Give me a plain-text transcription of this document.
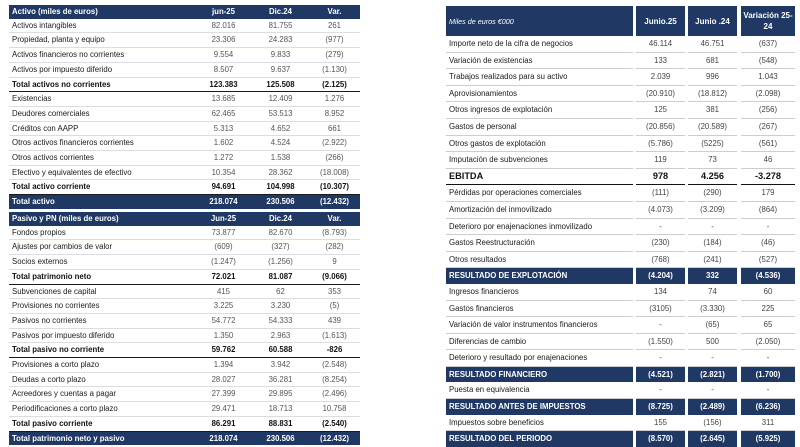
Activo (miles de euros)	jun-25	Dic.24	Var.
Activos intangibles	82.016	81.755	261
Propiedad, planta y equipo	23.306	24.283	(977)
Activos financieros no corrientes	9.554	9.833	(279)
Activos por impuesto diferido	8.507	9.637	(1.130)
Total activos no corrientes	123.383	125.508	(2.125)
Existencias	13.685	12.409	1.276
Deudores comerciales	62.465	53.513	8.952
Créditos con AAPP	5.313	4.652	661
Otros activos financieros corrientes	1.602	4.524	(2.922)
Otros activos corrientes	1.272	1.538	(266)
Efectivo y equivalentes de efectivo	10.354	28.362	(18.008)
Total activo corriente	94.691	104.998	(10.307)
Total activo	218.074	230.506	(12.432)
Pasivo y PN (miles de euros)	Jun-25	Dic.24	Var.
Fondos propios	73.877	82.670	(8.793)
Ajustes por cambios de valor	(609)	(327)	(282)
Socios externos	(1.247)	(1.256)	9
Total patrimonio neto	72.021	81.087	(9.066)
Subvenciones de capital	415	62	353
Provisiones no corrientes	3.225	3.230	(5)
Pasivos no corrientes	54.772	54.333	439
Pasivos por impuesto diferido	1.350	2.963	(1.613)
Total pasivo no corriente	59.762	60.588	-826
Provisiones a corto plazo	1.394	3.942	(2.548)
Deudas a corto plazo	28.027	36.281	(8.254)
Acreedores y cuentas a pagar	27.399	29.895	(2.496)
Periodificaciones a corto plazo	29.471	18.713	10.758
Total pasivo corriente	86.291	88.831	(2.540)
Total patrimonio neto y pasivo	218.074	230.506	(12.432)
Miles de euros €000		Junio.25		Junio .24		Variación 25-24
Importe neto de la cifra de negocios		46.114		46.751		(637)
Variación de existencias		133		681		(548)
Trabajos realizados para su activo		2.039		996		1.043
Aprovisionamientos		(20.910)		(18.812)		(2.098)
Otros ingresos de explotación		125		381		(256)
Gastos de personal		(20.856)		(20.589)		(267)
Otros gastos de explotación		(5.786)		(5225)		(561)
Imputación de subvenciones		119		73		46
EBITDA		978		4.256		-3.278
Pérdidas por operaciones comerciales		(111)		(290)		179
Amortización del inmovilizado		(4.073)		(3.209)		(864)
Deterioro por enajenaciones inmovilizado		-		-		-
Gastos Reestructuración		(230)		(184)		(46)
Otros resultados		(768)		(241)		(527)
RESULTADO DE EXPLOTACIÓN		(4.204)		332		(4.536)
Ingresos financieros		134		74		60
Gastos financieros		(3105)		(3.330)		225
Variación de valor instrumentos financieros		-		(65)		65
Diferencias de cambio		(1.550)		500		(2.050)
Deterioro y resultado por enajenaciones		-		-		-
RESULTADO FINANCIERO		(4.521)		(2.821)		(1.700)
Puesta en equivalencia		-		-		-
RESULTADO ANTES DE IMPUESTOS		(8.725)		(2.489)		(6.236)
Impuestos sobre beneficios		155		(156)		311
RESULTADO DEL PERIODO		(8.570)		(2.645)		(5.925)
